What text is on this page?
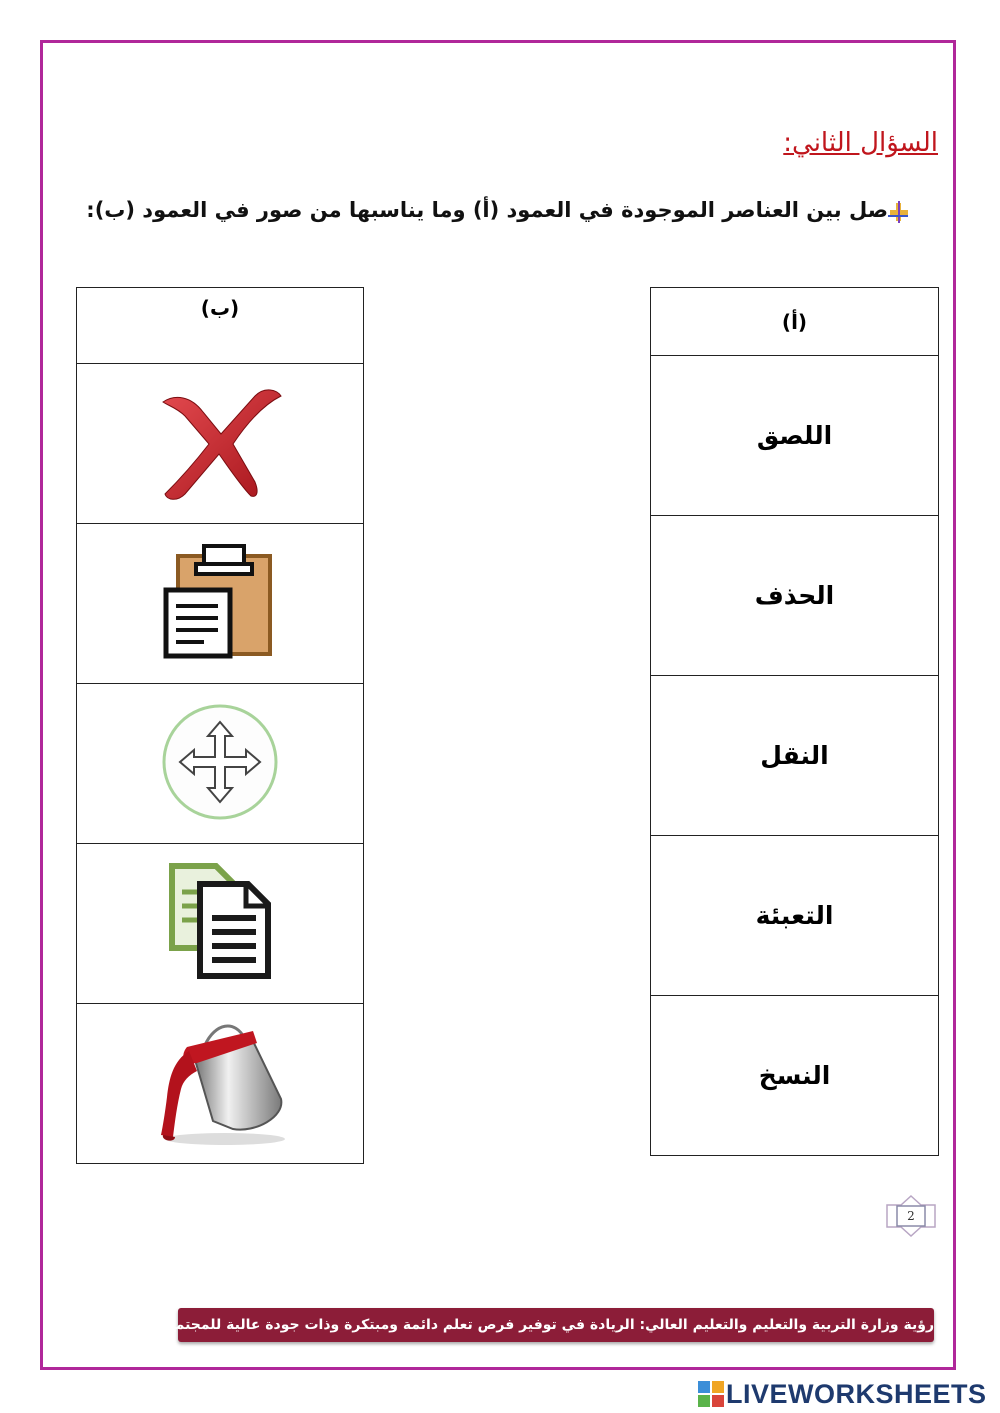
السؤال الثاني:
صل بين العناصر الموجودة في العمود (أ) وما يناسبها من صور في العمود (ب):
(أ)
اللصق
الحذف
النقل
التعبئة
النسخ
(ب)

2
رؤية وزارة التربية والتعليم والتعليم العالي: الريادة في توفير فرص تعلم دائمة ومبتكرة وذات جودة عالية للمجتمع القطري
LIVEWORKSHEETS
